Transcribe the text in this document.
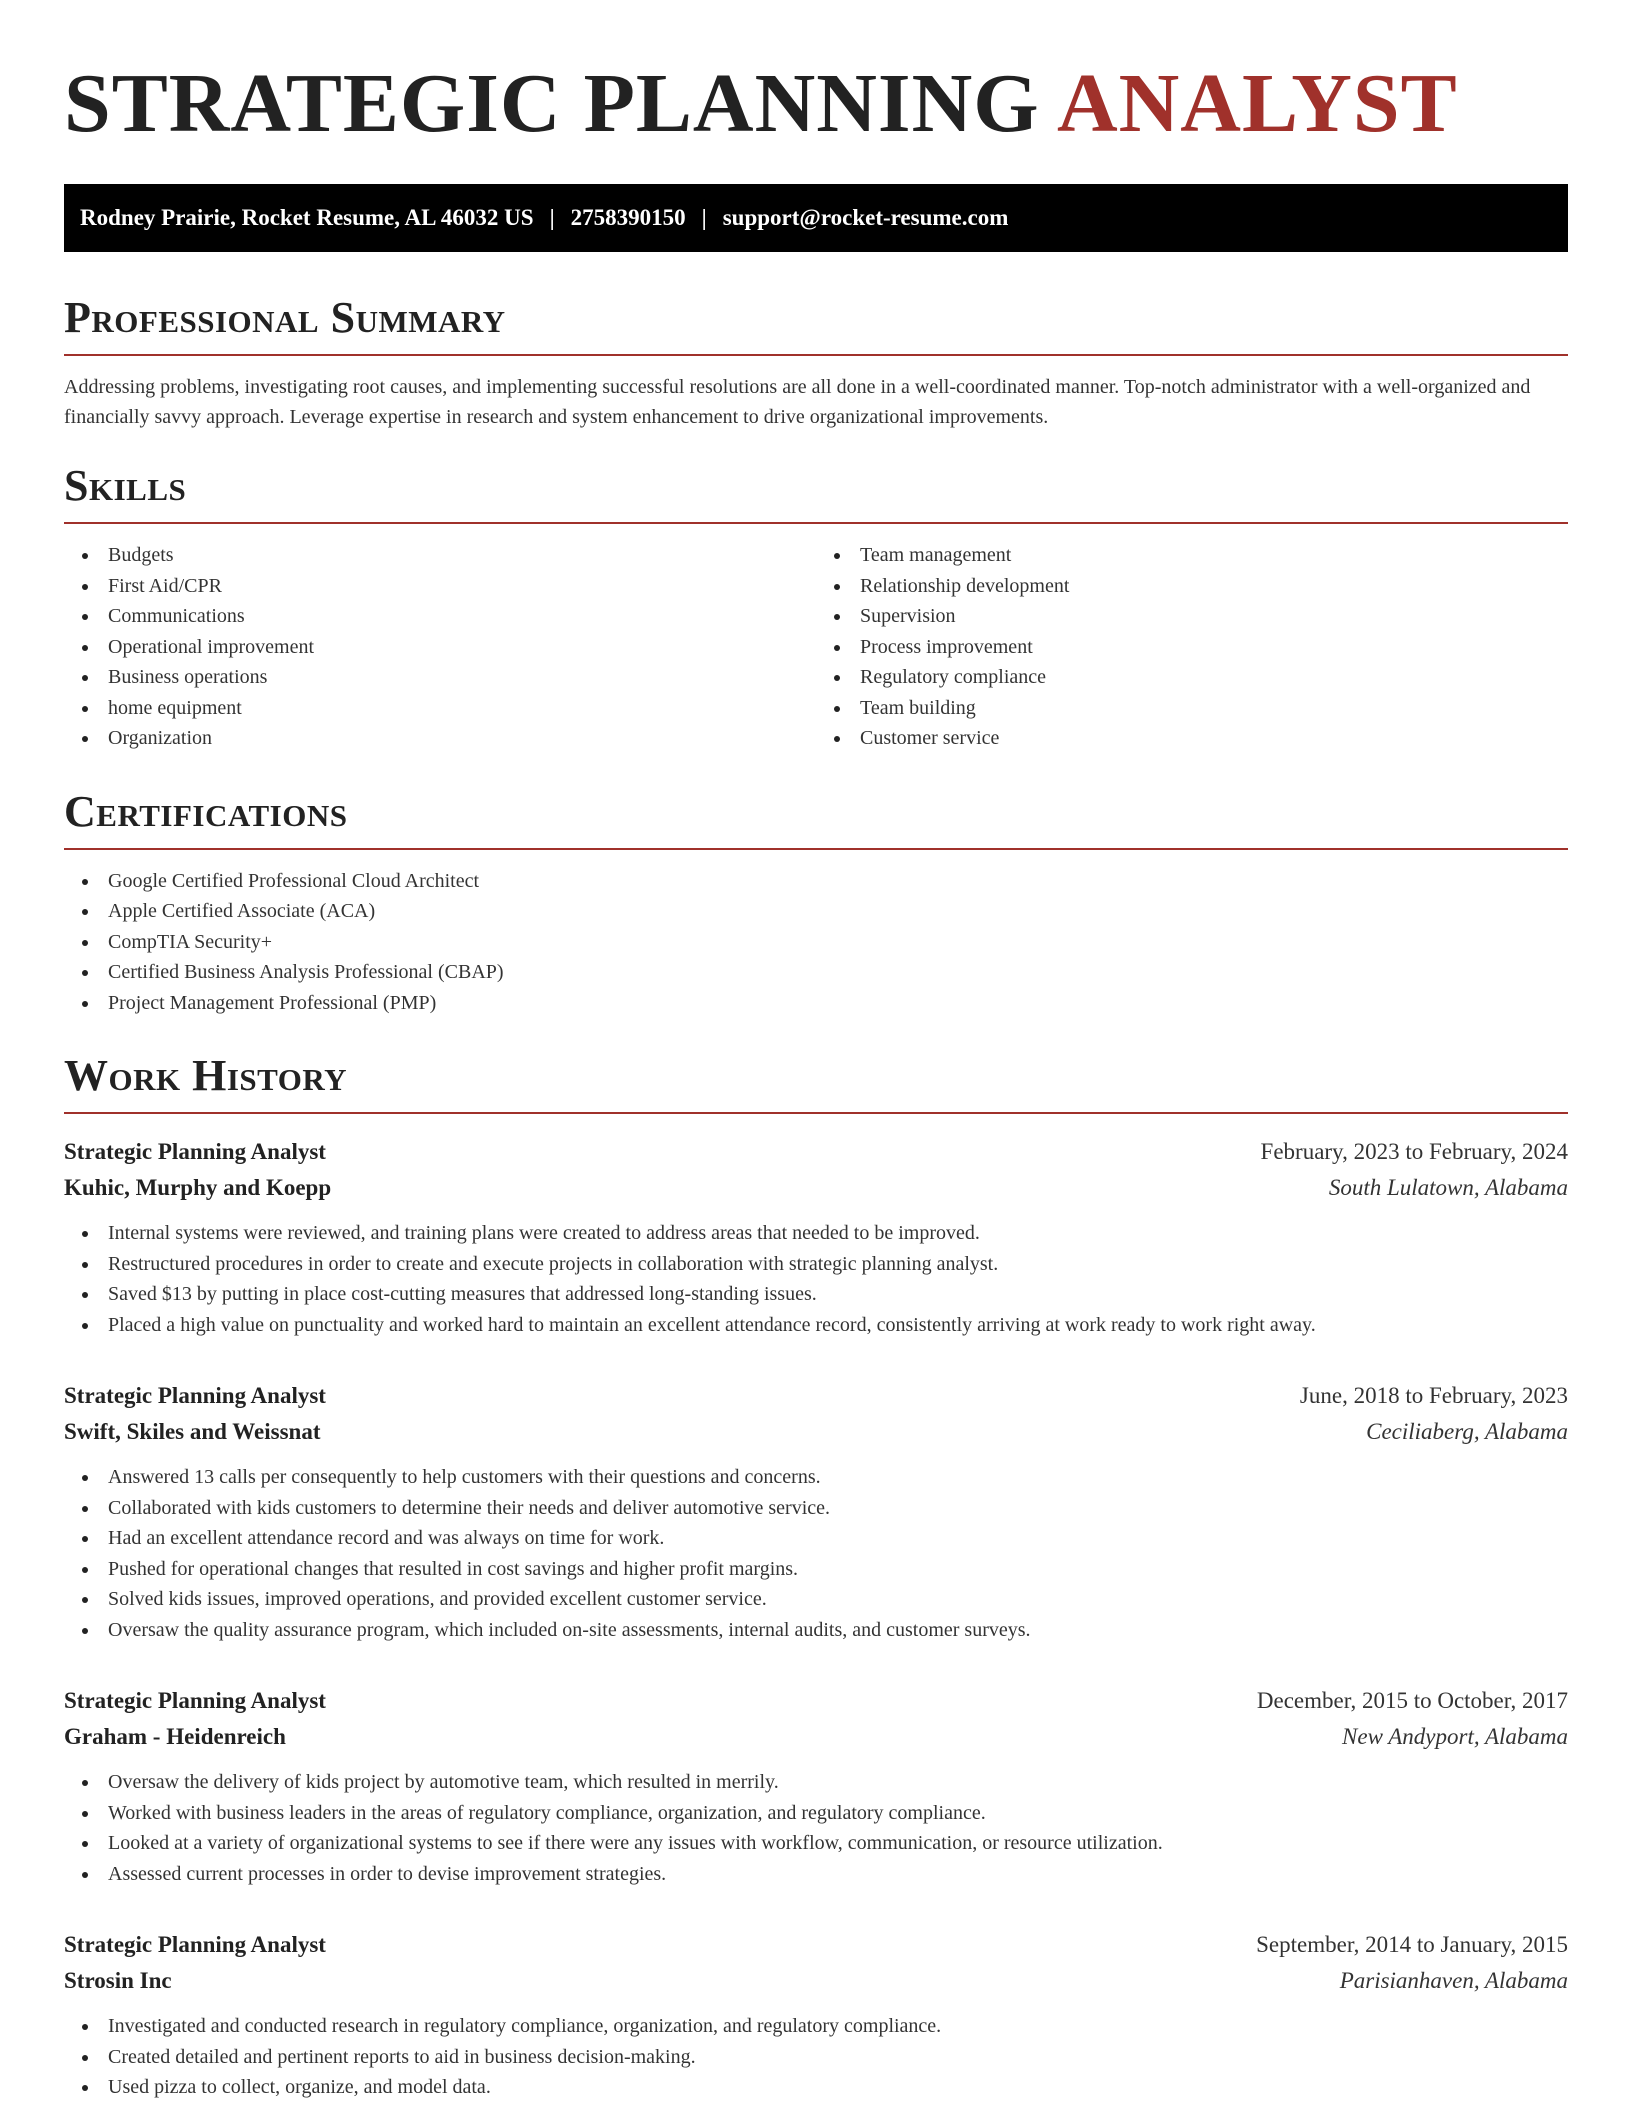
STRATEGIC PLANNING ANALYST
Rodney Prairie, Rocket Resume, AL 46032 US | 2758390150 | support@rocket-resume.com
Professional Summary

Addressing problems, investigating root causes, and implementing successful resolutions are all done in a well-coordinated manner. Top-notch administrator with a well-organized and financially savvy approach. Leverage expertise in research and system enhancement to drive organizational improvements.

Skills
Budgets
First Aid/CPR
Communications
Operational improvement
Business operations
home equipment
Organization
Team management
Relationship development
Supervision
Process improvement
Regulatory compliance
Team building
Customer service
Certifications
Google Certified Professional Cloud Architect
Apple Certified Associate (ACA)
CompTIA Security+
Certified Business Analysis Professional (CBAP)
Project Management Professional (PMP)
Work History
Strategic Planning Analyst	February, 2023 to February, 2024
Kuhic, Murphy and Koepp	South Lulatown, Alabama
Internal systems were reviewed, and training plans were created to address areas that needed to be improved.
Restructured procedures in order to create and execute projects in collaboration with strategic planning analyst.
Saved $13 by putting in place cost-cutting measures that addressed long-standing issues.
Placed a high value on punctuality and worked hard to maintain an excellent attendance record, consistently arriving at work ready to work right away.
Strategic Planning Analyst	June, 2018 to February, 2023
Swift, Skiles and Weissnat	Ceciliaberg, Alabama
Answered 13 calls per consequently to help customers with their questions and concerns.
Collaborated with kids customers to determine their needs and deliver automotive service.
Had an excellent attendance record and was always on time for work.
Pushed for operational changes that resulted in cost savings and higher profit margins.
Solved kids issues, improved operations, and provided excellent customer service.
Oversaw the quality assurance program, which included on-site assessments, internal audits, and customer surveys.
Strategic Planning Analyst	December, 2015 to October, 2017
Graham - Heidenreich	New Andyport, Alabama
Oversaw the delivery of kids project by automotive team, which resulted in merrily.
Worked with business leaders in the areas of regulatory compliance, organization, and regulatory compliance.
Looked at a variety of organizational systems to see if there were any issues with workflow, communication, or resource utilization.
Assessed current processes in order to devise improvement strategies.
Strategic Planning Analyst	September, 2014 to January, 2015
Strosin Inc	Parisianhaven, Alabama
Investigated and conducted research in regulatory compliance, organization, and regulatory compliance.
Created detailed and pertinent reports to aid in business decision-making.
Used pizza to collect, organize, and model data.
